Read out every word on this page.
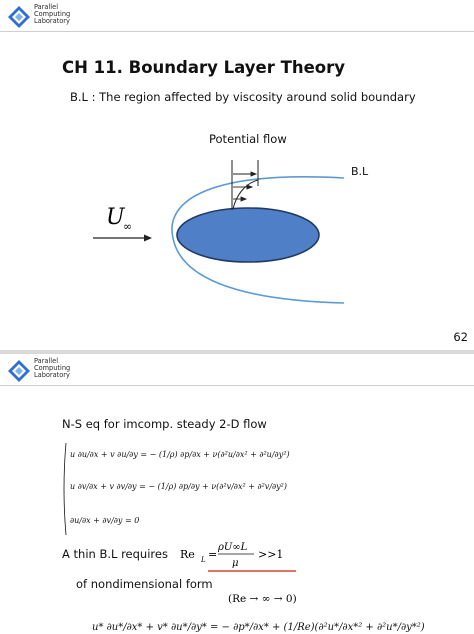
Parallel
Computing
Laboratory
CH 11. Boundary Layer Theory
B.L : The region affected by viscosity around solid boundary
U
∞
Potential flow
B.L
62
Parallel
Computing
Laboratory
N-S eq for imcomp. steady 2-D flow
u ∂u/∂x + v ∂u/∂y = − (1/ρ) ∂p/∂x + ν(∂²u/∂x² + ∂²u/∂y²)
u ∂v/∂x + v ∂v/∂y = − (1/ρ) ∂p/∂y + ν(∂²v/∂x² + ∂²v/∂y²)
∂u/∂x + ∂v/∂y = 0
A thin B.L requires Re L =
ρU∞L
μ
>>1
of nondimensional form
(Re → ∞ → 0)
u* ∂u*/∂x* + v* ∂u*/∂y* = − ∂p*/∂x* + (1/Re)(∂²u*/∂x*² + ∂²u*/∂y*²)
